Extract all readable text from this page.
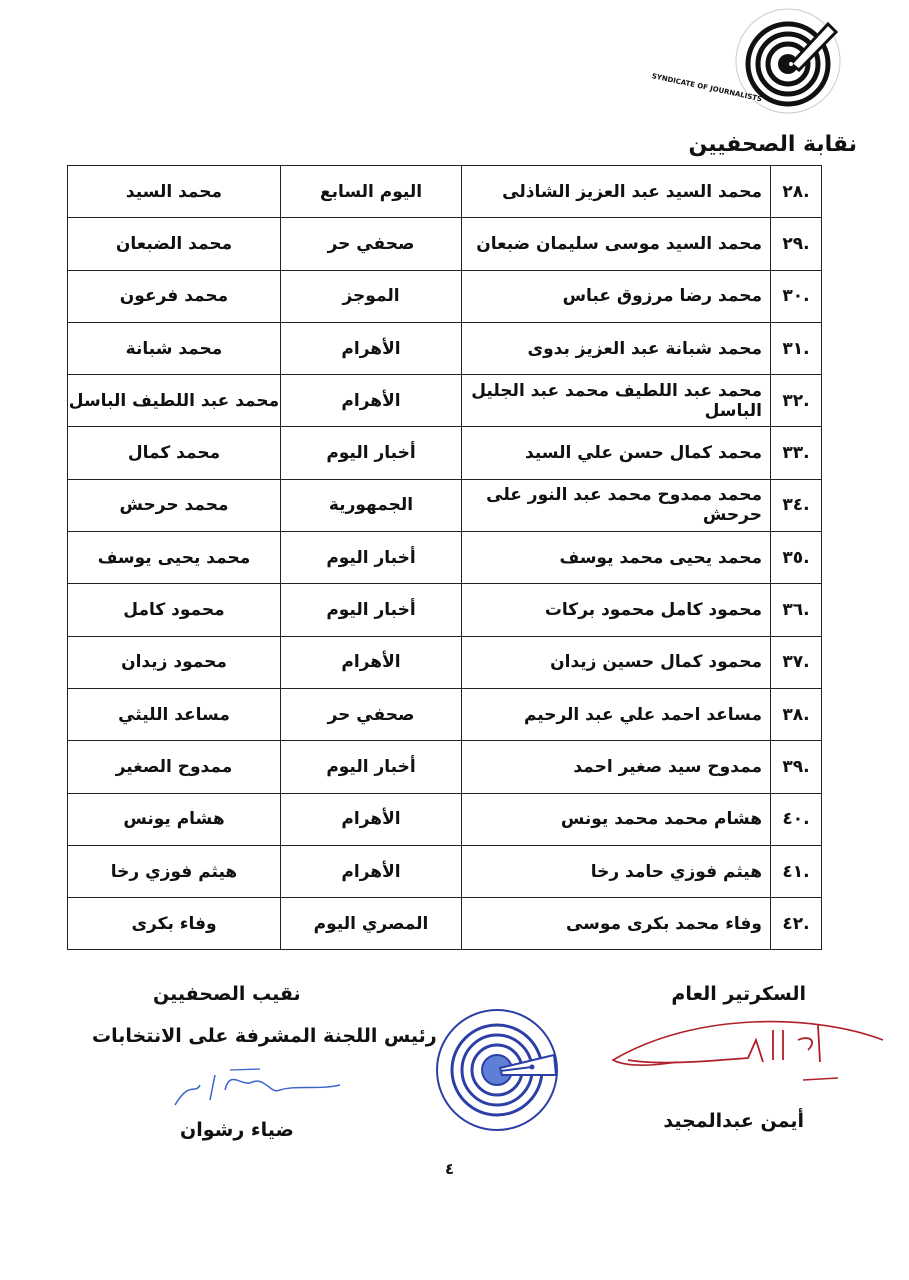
SYNDICATE OF JOURNALISTS
نقابة الصحفيين
.٢٨	محمد السيد عبد العزيز الشاذلى	اليوم السابع	محمد السيد
.٢٩	محمد السيد موسى سليمان ضبعان	صحفي حر	محمد الضبعان
.٣٠	محمد رضا مرزوق عباس	الموجز	محمد فرعون
.٣١	محمد شبانة عبد العزيز بدوى	الأهرام	محمد شبانة
.٣٢	محمد عبد اللطيف محمد عبد الجليل الباسل	الأهرام	محمد عبد اللطيف الباسل
.٣٣	محمد كمال حسن علي السيد	أخبار اليوم	محمد كمال
.٣٤	محمد ممدوح محمد عبد النور على حرحش	الجمهورية	محمد حرحش
.٣٥	محمد يحيى محمد يوسف	أخبار اليوم	محمد يحيى يوسف
.٣٦	محمود كامل محمود بركات	أخبار اليوم	محمود كامل
.٣٧	محمود كمال حسين زيدان	الأهرام	محمود زيدان
.٣٨	مساعد احمد علي عبد الرحيم	صحفي حر	مساعد الليثي
.٣٩	ممدوح سيد صغير احمد	أخبار اليوم	ممدوح الصغير
.٤٠	هشام محمد محمد يونس	الأهرام	هشام يونس
.٤١	هيثم فوزي حامد رخا	الأهرام	هيثم فوزي رخا
.٤٢	وفاء محمد بكرى موسى	المصري اليوم	وفاء بكرى
السكرتير العام
أيمن عبدالمجيد
نقيب الصحفيين
رئيس اللجنة المشرفة على الانتخابات
ضياء رشوان
٤
